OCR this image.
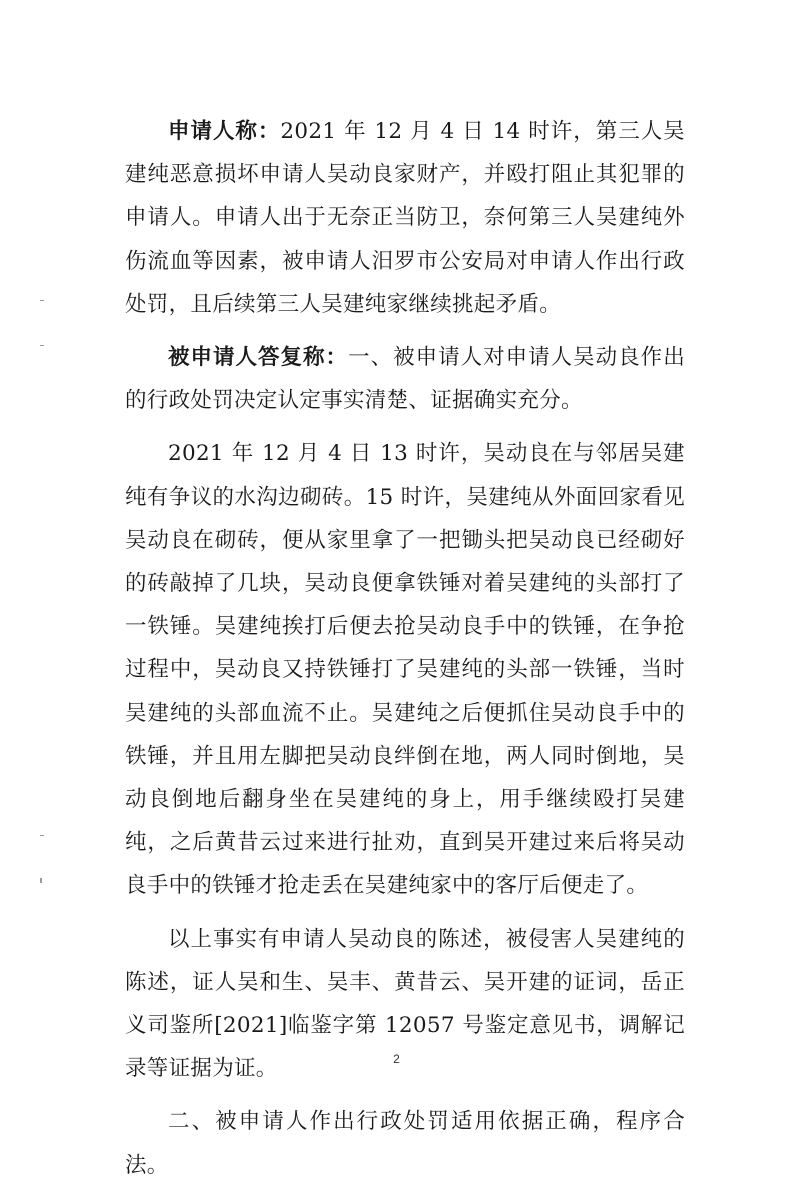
申请人称：2021 年 12 月 4 日 14 时许，第三人吴建纯恶意损坏申请人吴动良家财产，并殴打阻止其犯罪的申请人。申请人出于无奈正当防卫，奈何第三人吴建纯外伤流血等因素，被申请人汨罗市公安局对申请人作出行政处罚，且后续第三人吴建纯家继续挑起矛盾。

被申请人答复称：一、被申请人对申请人吴动良作出的行政处罚决定认定事实清楚、证据确实充分。

2021 年 12 月 4 日 13 时许，吴动良在与邻居吴建纯有争议的水沟边砌砖。15 时许，吴建纯从外面回家看见吴动良在砌砖，便从家里拿了一把锄头把吴动良已经砌好的砖敲掉了几块，吴动良便拿铁锤对着吴建纯的头部打了一铁锤。吴建纯挨打后便去抢吴动良手中的铁锤，在争抢过程中，吴动良又持铁锤打了吴建纯的头部一铁锤，当时吴建纯的头部血流不止。吴建纯之后便抓住吴动良手中的铁锤，并且用左脚把吴动良绊倒在地，两人同时倒地，吴动良倒地后翻身坐在吴建纯的身上，用手继续殴打吴建纯，之后黄昔云过来进行扯劝，直到吴开建过来后将吴动良手中的铁锤才抢走丢在吴建纯家中的客厅后便走了。

以上事实有申请人吴动良的陈述，被侵害人吴建纯的陈述，证人吴和生、吴丰、黄昔云、吴开建的证词，岳正义司鉴所[2021]临鉴字第 12057 号鉴定意见书，调解记录等证据为证。

二、被申请人作出行政处罚适用依据正确，程序合法。

2
